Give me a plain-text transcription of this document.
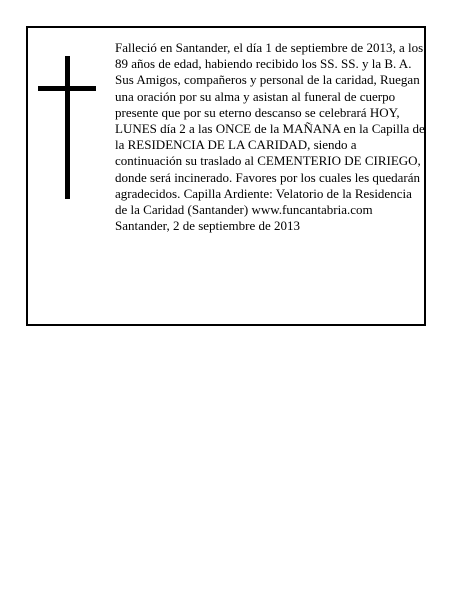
Falleció en Santander, el día 1 de septiembre de 2013, a los 89 años de edad, habiendo recibido los SS. SS. y la B. A.

Sus Amigos, compañeros y personal de la caridad, Ruegan una oración por su alma y asistan al funeral de cuerpo presente que por su eterno descanso se celebrará HOY, LUNES día 2 a las ONCE de la MAÑANA en la Capilla de la RESIDENCIA DE LA CARIDAD, siendo a continuación su traslado al CEMENTERIO DE CIRIEGO, donde será incinerado. Favores por los cuales les quedarán agradecidos. Capilla Ardiente: Velatorio de la Residencia de la Caridad (Santander) www.funcantabria.com Santander, 2 de septiembre de 2013
